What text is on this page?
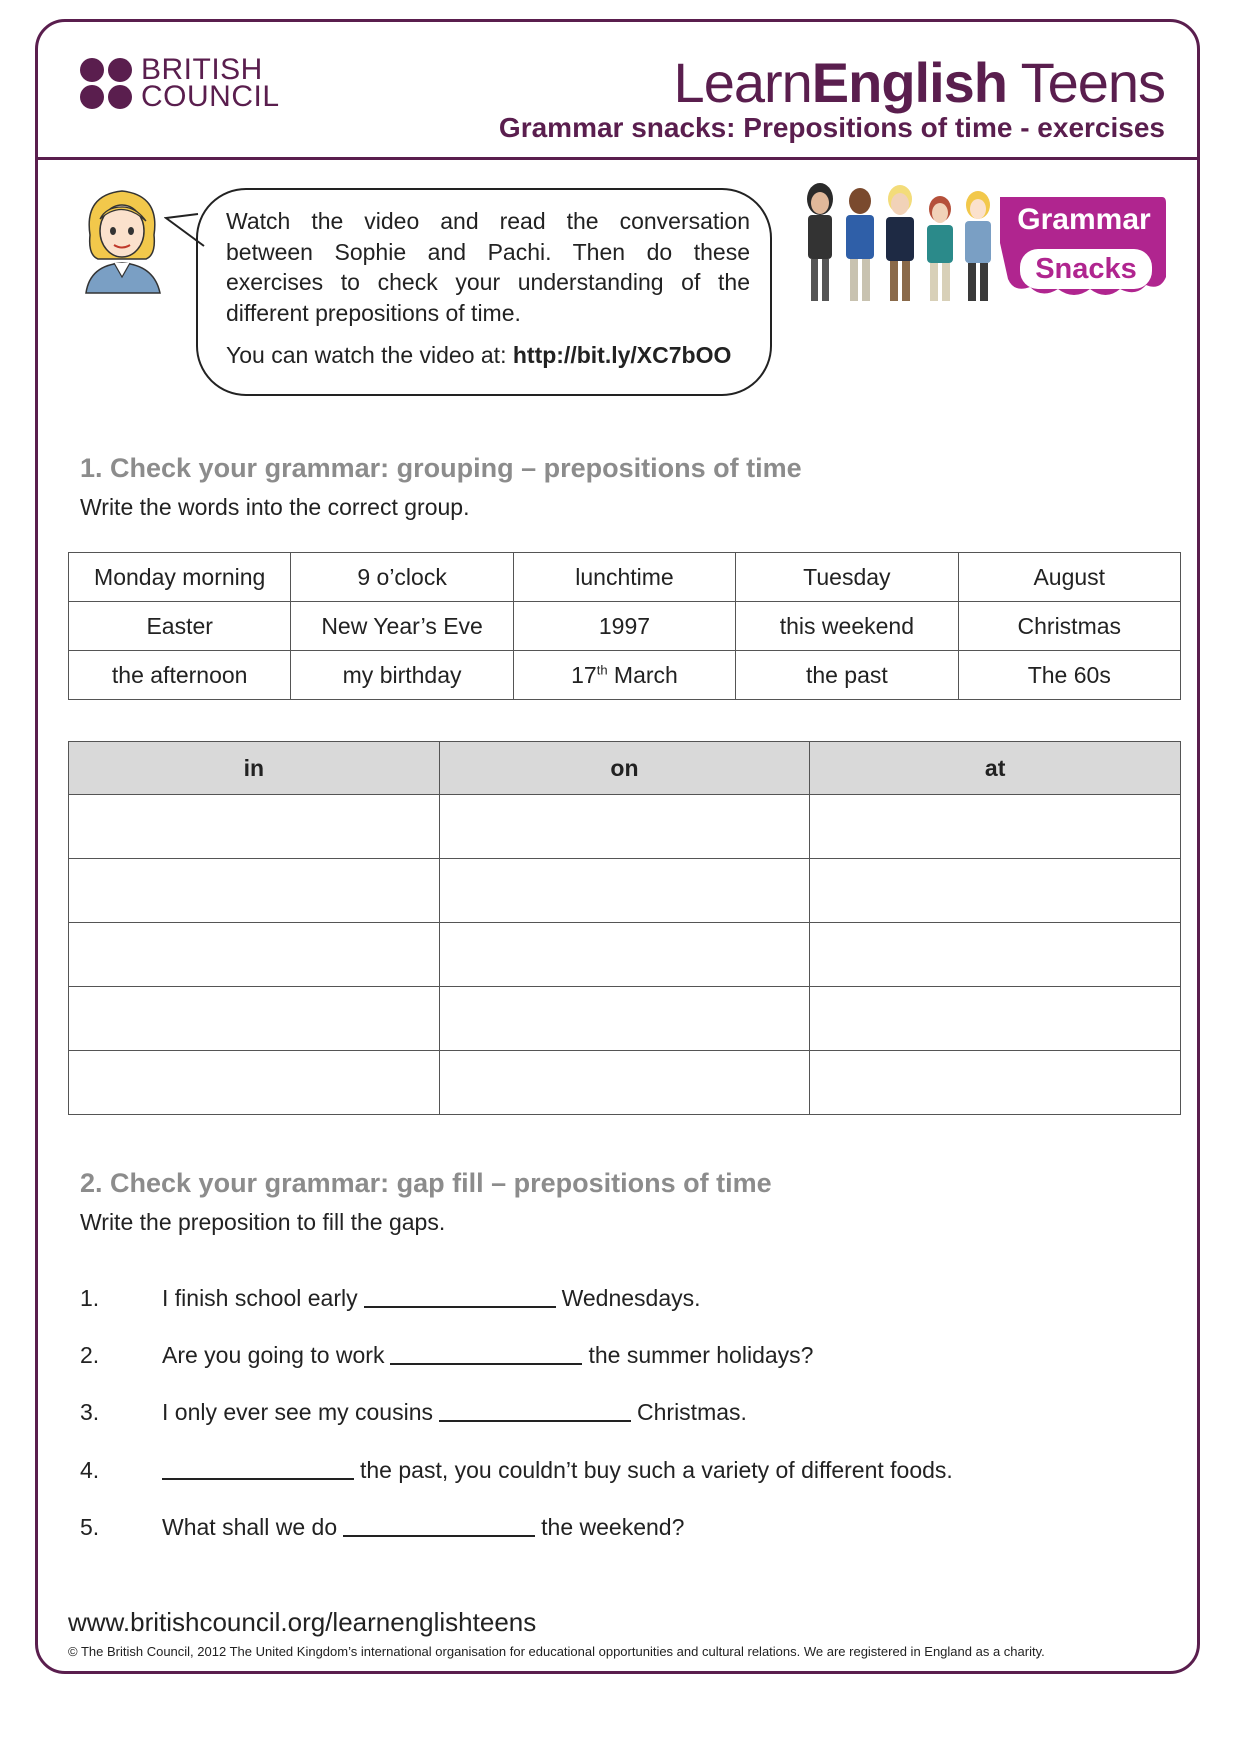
BRITISH
COUNCIL	LearnEnglish Teens
Grammar snacks: Prepositions of time - exercises

Watch the video and read the conversation between Sophie and Pachi. Then do these exercises to check your understanding of the different prepositions of time.

You can watch the video at: http://bit.ly/XC7bOO

Grammar
Snacks
1. Check your grammar: grouping – prepositions of time
Write the words into the correct group.
Monday morning	9 o’clock	lunchtime	Tuesday	August
Easter	New Year’s Eve	1997	this weekend	Christmas
the afternoon	my birthday	17th March	the past	The 60s
in	on	at

2. Check your grammar: gap fill – prepositions of time
Write the preposition to fill the gaps.
1.	I finish school early	Wednesdays.
2.	Are you going to work	the summer holidays?
3.	I only ever see my cousins	Christmas.
4.	the past, you couldn’t buy such a variety of different foods.
5.	What shall we do	the weekend?
www.britishcouncil.org/learnenglishteens
© The British Council, 2012 The United Kingdom’s international organisation for educational opportunities and cultural relations. We are registered in England as a charity.
